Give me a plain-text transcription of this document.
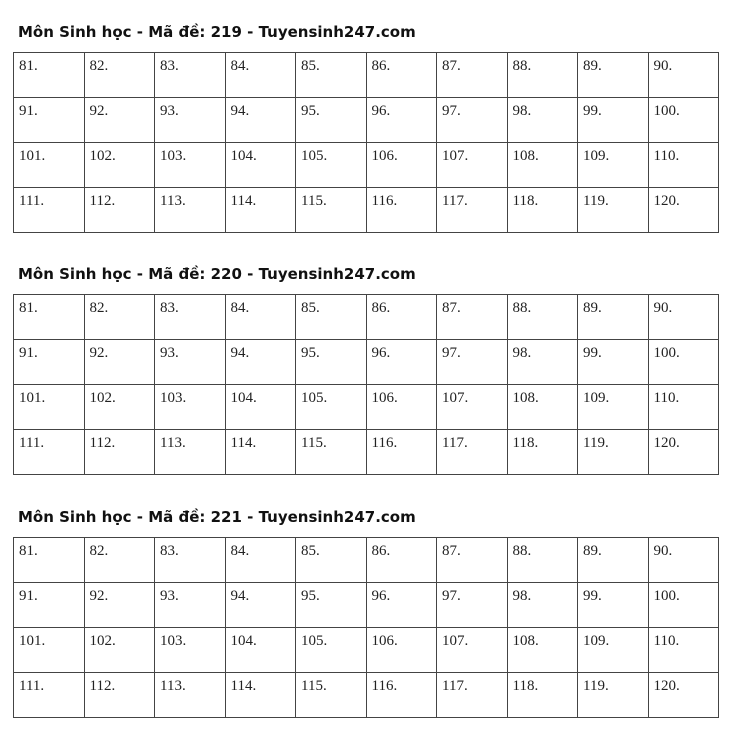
Môn Sinh học - Mã đề: 219 - Tuyensinh247.com
81.	82.	83.	84.	85.	86.	87.	88.	89.	90.

91.	92.	93.	94.	95.	96.	97.	98.	99.	100.

101.	102.	103.	104.	105.	106.	107.	108.	109.	110.

111.	112.	113.	114.	115.	116.	117.	118.	119.	120.
Môn Sinh học - Mã đề: 220 - Tuyensinh247.com
81.	82.	83.	84.	85.	86.	87.	88.	89.	90.

91.	92.	93.	94.	95.	96.	97.	98.	99.	100.

101.	102.	103.	104.	105.	106.	107.	108.	109.	110.

111.	112.	113.	114.	115.	116.	117.	118.	119.	120.
Môn Sinh học - Mã đề: 221 - Tuyensinh247.com
81.	82.	83.	84.	85.	86.	87.	88.	89.	90.

91.	92.	93.	94.	95.	96.	97.	98.	99.	100.

101.	102.	103.	104.	105.	106.	107.	108.	109.	110.

111.	112.	113.	114.	115.	116.	117.	118.	119.	120.
